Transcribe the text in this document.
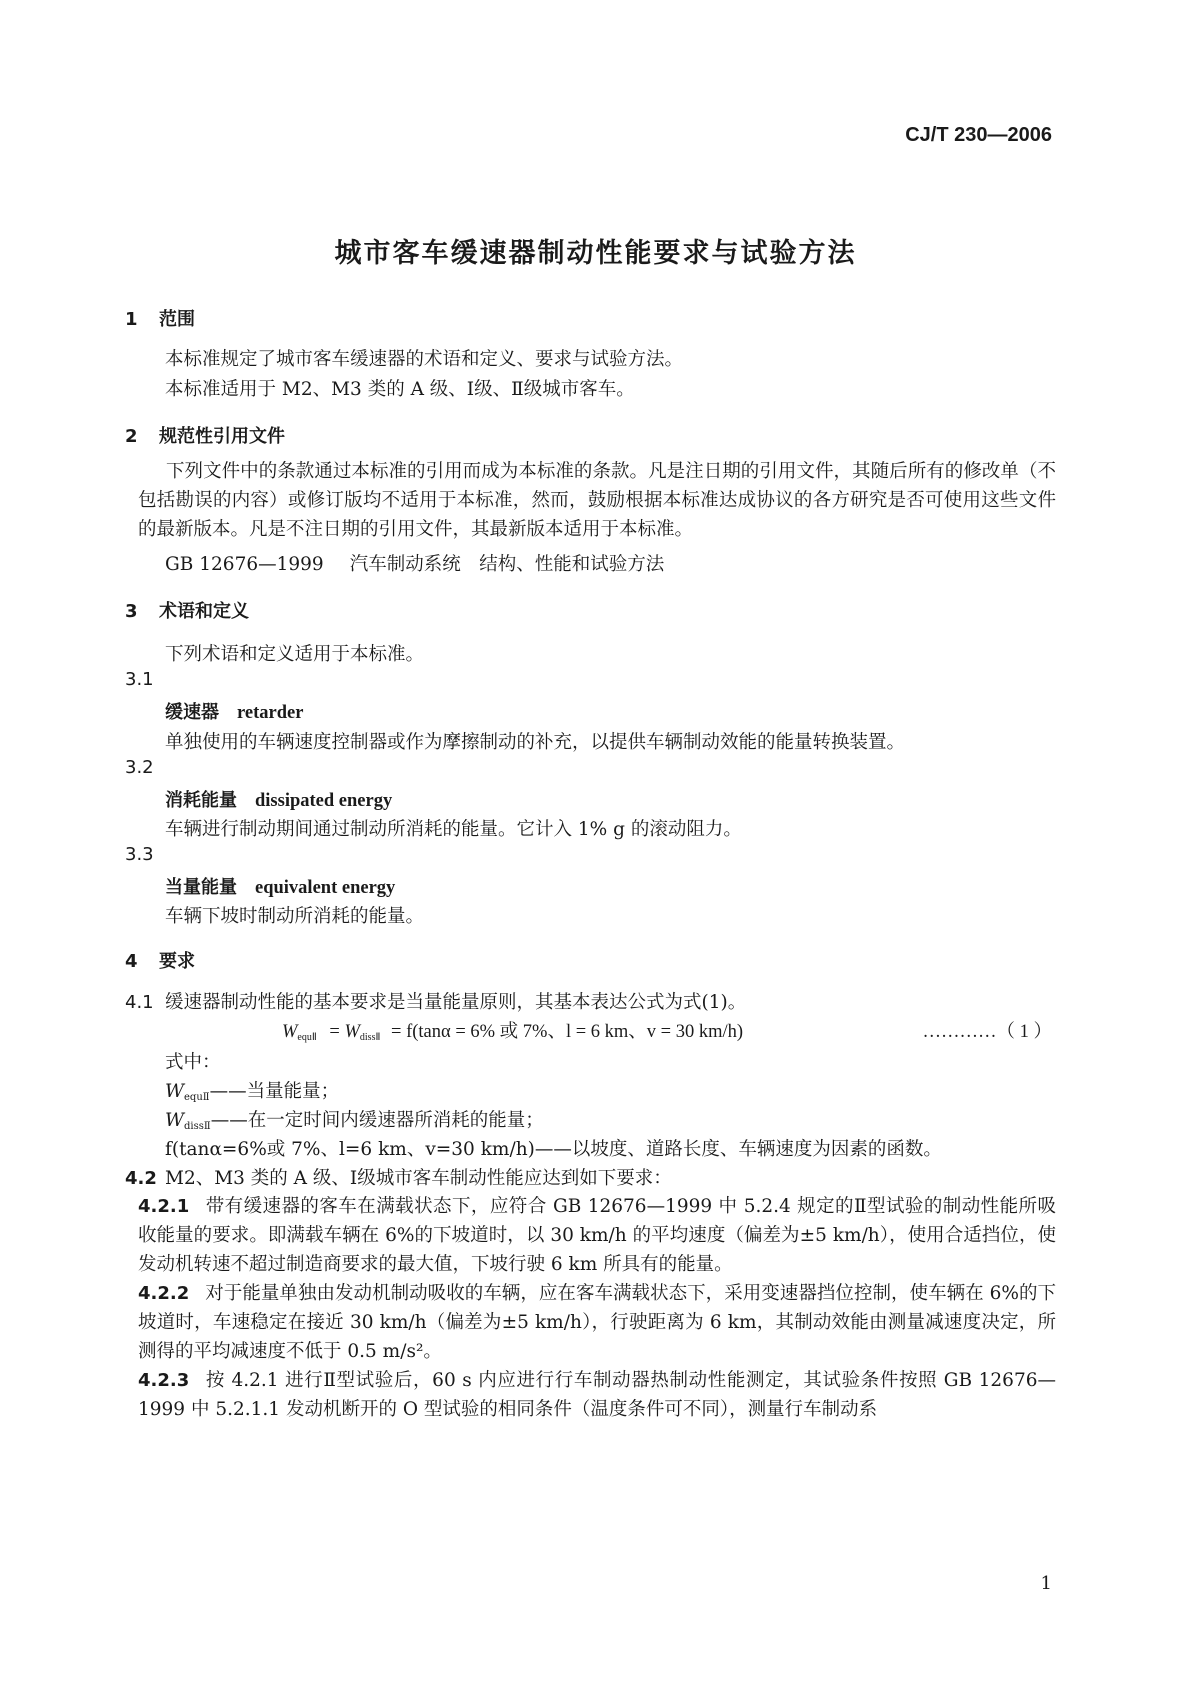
CJ/T 230—2006
城市客车缓速器制动性能要求与试验方法
1 范围
本标准规定了城市客车缓速器的术语和定义、要求与试验方法。
本标准适用于 M2、M3 类的 A 级、Ⅰ级、Ⅱ级城市客车。
2 规范性引用文件
下列文件中的条款通过本标准的引用而成为本标准的条款。凡是注日期的引用文件，其随后所有的修改单（不包括勘误的内容）或修订版均不适用于本标准，然而，鼓励根据本标准达成协议的各方研究是否可使用这些文件的最新版本。凡是不注日期的引用文件，其最新版本适用于本标准。
GB 12676—1999 汽车制动系统　结构、性能和试验方法
3 术语和定义
下列术语和定义适用于本标准。
3.1
缓速器 retarder
单独使用的车辆速度控制器或作为摩擦制动的补充，以提供车辆制动效能的能量转换装置。
3.2
消耗能量 dissipated energy
车辆进行制动期间通过制动所消耗的能量。它计入 1% g 的滚动阻力。
3.3
当量能量 equivalent energy
车辆下坡时制动所消耗的能量。
4 要求
4.1 缓速器制动性能的基本要求是当量能量原则，其基本表达公式为式(1)。
$W_{equⅡ} = W_{dissⅡ} = f(\tan\alpha = 6\%$ 或 7%、l = 6 km、v = 30 km/h)	…………（ 1 ）
式中：
$W_{equⅡ}——$当量能量；
$W_{dissⅡ}——$在一定时间内缓速器所消耗的能量；
f(tanα=6%或 7%、l=6 km、v=30 km/h)——以坡度、道路长度、车辆速度为因素的函数。
4.2 M2、M3 类的 A 级、Ⅰ级城市客车制动性能应达到如下要求：
4.2.1 带有缓速器的客车在满载状态下，应符合 GB 12676—1999 中 5.2.4 规定的Ⅱ型试验的制动性能所吸收能量的要求。即满载车辆在 6%的下坡道时，以 30 km/h 的平均速度（偏差为±5 km/h），使用合适挡位，使发动机转速不超过制造商要求的最大值，下坡行驶 6 km 所具有的能量。
4.2.2 对于能量单独由发动机制动吸收的车辆，应在客车满载状态下，采用变速器挡位控制，使车辆在 6%的下坡道时，车速稳定在接近 30 km/h（偏差为±5 km/h），行驶距离为 6 km，其制动效能由测量减速度决定，所测得的平均减速度不低于 0.5 m/s²。
4.2.3 按 4.2.1 进行Ⅱ型试验后，60 s 内应进行行车制动器热制动性能测定，其试验条件按照 GB 12676—1999 中 5.2.1.1 发动机断开的 O 型试验的相同条件（温度条件可不同），测量行车制动系
1
